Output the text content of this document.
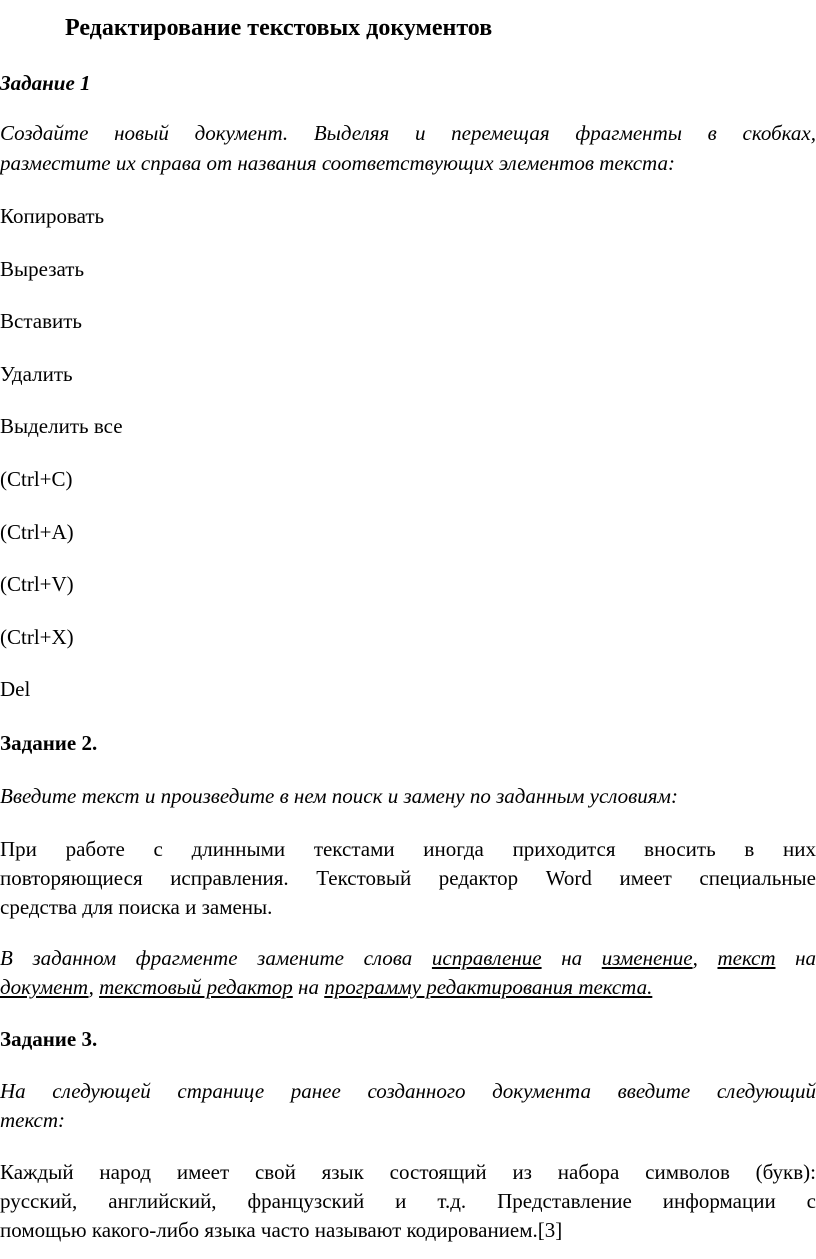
Редактирование текстовых документов
Задание 1
Создайте новый документ. Выделяя и перемещая фрагменты в скобках,
разместите их справа от названия соответствующих элементов текста:
Копировать
Вырезать
Вставить
Удалить
Выделить все
(Ctrl+C)
(Ctrl+A)
(Ctrl+V)
(Ctrl+X)
Del
Задание 2.
Введите текст и произведите в нем поиск и замену по заданным условиям:
При работе с длинными текстами иногда приходится вносить в них
повторяющиеся исправления. Текстовый редактор Word имеет специальные
средства для поиска и замены.
В заданном фрагменте замените слова исправление на изменение, текст на
документ, текстовый редактор на программу редактирования текста.
Задание 3.
На следующей странице ранее созданного документа введите следующий
текст:
Каждый народ имеет свой язык состоящий из набора символов (букв):
русский, английский, французский и т.д. Представление информации с
помощью какого-либо языка часто называют кодированием.[3]
